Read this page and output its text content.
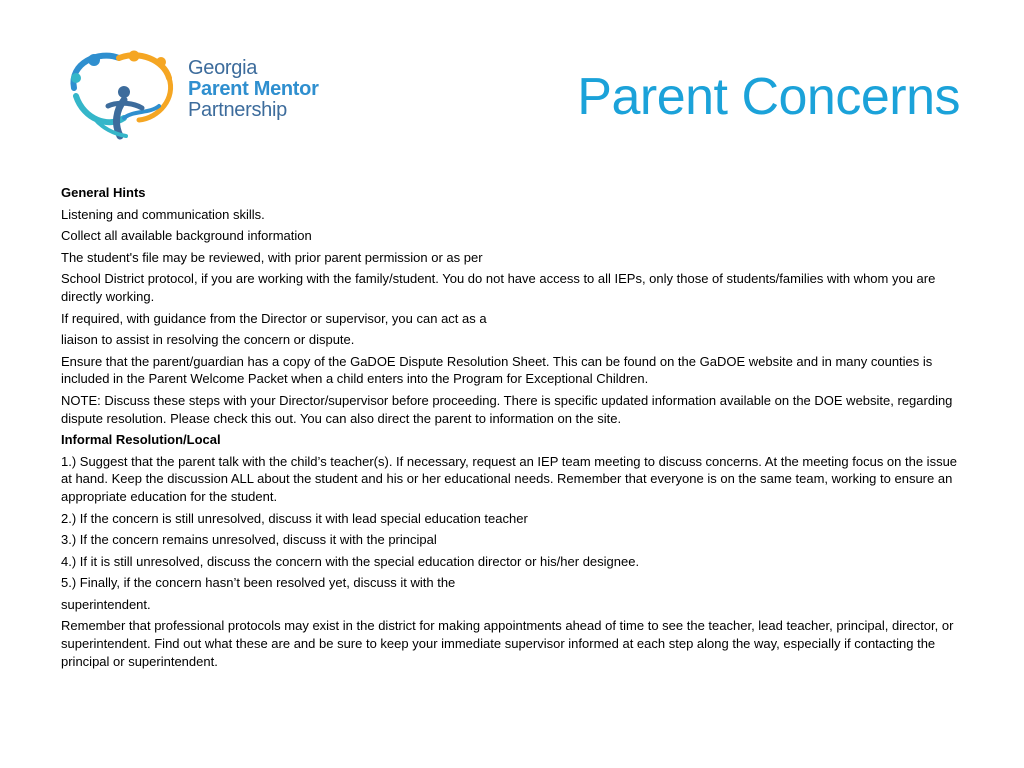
Georgia
Parent Mentor
Partnership	Parent Concerns

General Hints

Listening and communication skills.

Collect all available background information

The student's file may be reviewed, with prior parent permission or as per

School District protocol, if you are working with the family/student. You do not have access to all IEPs, only those of students/families with whom you are directly working.

If required, with guidance from the Director or supervisor, you can act as a

liaison to assist in resolving the concern or dispute.

Ensure that the parent/guardian has a copy of the GaDOE Dispute Resolution Sheet. This can be found on the GaDOE website and in many counties is included in the Parent Welcome Packet when a child enters into the Program for Exceptional Children.

NOTE: Discuss these steps with your Director/supervisor before proceeding. There is specific updated information available on the DOE website, regarding dispute resolution. Please check this out. You can also direct the parent to information on the site.

Informal Resolution/Local

1.) Suggest that the parent talk with the child’s teacher(s). If necessary, request an IEP team meeting to discuss concerns. At the meeting focus on the issue at hand. Keep the discussion ALL about the student and his or her educational needs. Remember that everyone is on the same team, working to ensure an appropriate education for the student.

2.) If the concern is still unresolved, discuss it with lead special education teacher

3.) If the concern remains unresolved, discuss it with the principal

4.) If it is still unresolved, discuss the concern with the special education director or his/her designee.

5.) Finally, if the concern hasn’t been resolved yet, discuss it with the

superintendent.

Remember that professional protocols may exist in the district for making appointments ahead of time to see the teacher, lead teacher, principal, director, or superintendent. Find out what these are and be sure to keep your immediate supervisor informed at each step along the way, especially if contacting the principal or superintendent.
